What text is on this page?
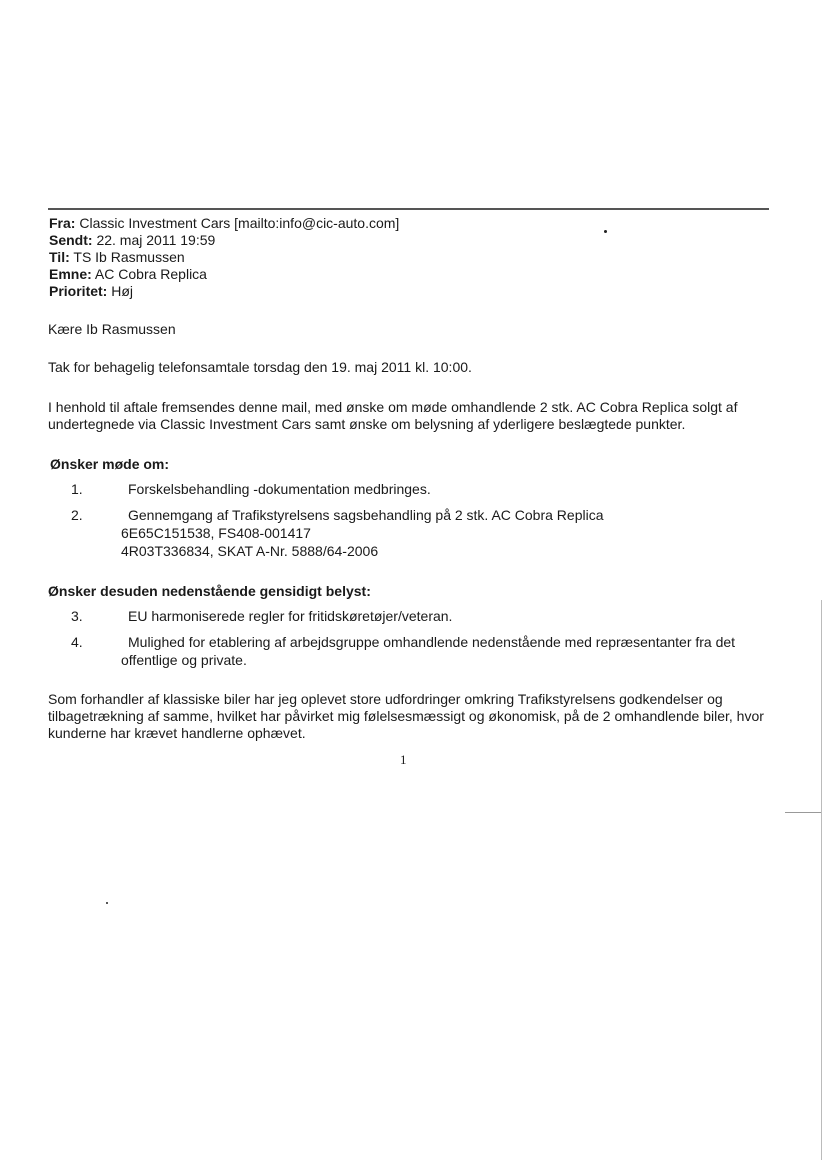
Fra: Classic Investment Cars [mailto:info@cic-auto.com]
Sendt: 22. maj 2011 19:59
Til: TS Ib Rasmussen
Emne: AC Cobra Replica
Prioritet: Høj
Kære Ib Rasmussen
Tak for behagelig telefonsamtale torsdag den 19. maj 2011 kl. 10:00.
I henhold til aftale fremsendes denne mail, med ønske om møde omhandlende 2 stk. AC Cobra Replica solgt af undertegnede via Classic Investment Cars samt ønske om belysning af yderligere beslægtede punkter.
Ønsker møde om:
1.	Forskelsbehandling -dokumentation medbringes.
2.	Gennemgang af Trafikstyrelsens sagsbehandling på 2 stk. AC Cobra Replica
6E65C151538, FS408-001417
4R03T336834, SKAT A-Nr. 5888/64-2006
Ønsker desuden nedenstående gensidigt belyst:
3.	EU harmoniserede regler for fritidskøretøjer/veteran.
4.	Mulighed for etablering af arbejdsgruppe omhandlende nedenstående med repræsentanter fra det
offentlige og private.
Som forhandler af klassiske biler har jeg oplevet store udfordringer omkring Trafikstyrelsens godkendelser og tilbagetrækning af samme, hvilket har påvirket mig følelsesmæssigt og økonomisk, på de 2 omhandlende biler, hvor kunderne har krævet handlerne ophævet.
1
